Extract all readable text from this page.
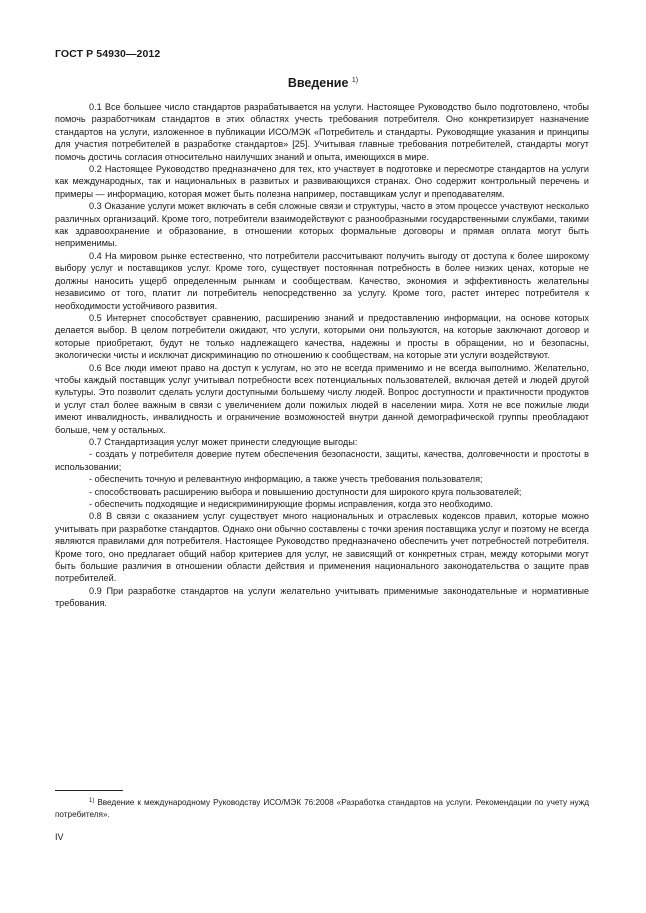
ГОСТ Р 54930—2012
Введение $^{1)}$

0.1 Все большее число стандартов разрабатывается на услуги. Настоящее Руководство было подготовлено, чтобы помочь разработчикам стандартов в этих областях учесть требования потребителя. Оно конкретизирует назначение стандартов на услуги, изложенное в публикации ИСО/МЭК «Потребитель и стандарты. Руководящие указания и принципы для участия потребителей в разработке стандартов» [25]. Учитывая главные требования потребителей, стандарты могут помочь достичь согласия относительно наилучших знаний и опыта, имеющихся в мире.

0.2 Настоящее Руководство предназначено для тех, кто участвует в подготовке и пересмотре стандартов на услуги как международных, так и национальных в развитых и развивающихся странах. Оно содержит контрольный перечень и примеры — информацию, которая может быть полезна например, поставщикам услуг и преподавателям.

0.3 Оказание услуги может включать в себя сложные связи и структуры, часто в этом процессе участвуют несколько различных организаций. Кроме того, потребители взаимодействуют с разнообразными государственными службами, такими как здравоохранение и образование, в отношении которых формальные договоры и прямая оплата могут быть неприменимы.

0.4 На мировом рынке естественно, что потребители рассчитывают получить выгоду от доступа к более широкому выбору услуг и поставщиков услуг. Кроме того, существует постоянная потребность в более низких ценах, которые не должны наносить ущерб определенным рынкам и сообществам. Качество, экономия и эффективность желательны независимо от того, платит ли потребитель непосредственно за услугу. Кроме того, растет интерес потребителя к необходимости устойчивого развития.

0.5 Интернет способствует сравнению, расширению знаний и предоставлению информации, на основе которых делается выбор. В целом потребители ожидают, что услуги, которыми они пользуются, на которые заключают договор и которые приобретают, будут не только надлежащего качества, надежны и просты в обращении, но и безопасны, экологически чисты и исключат дискриминацию по отношению к сообществам, на которые эти услуги воздействуют.

0.6 Все люди имеют право на доступ к услугам, но это не всегда применимо и не всегда выполнимо. Желательно, чтобы каждый поставщик услуг учитывал потребности всех потенциальных пользователей, включая детей и людей другой культуры. Это позволит сделать услуги доступными большему числу людей. Вопрос доступности и практичности продуктов и услуг стал более важным в связи с увеличением доли пожилых людей в населении мира. Хотя не все пожилые люди имеют инвалидность, инвалидность и ограничение возможностей внутри данной демографической группы преобладают больше, чем у остальных.

0.7 Стандартизация услуг может принести следующие выгоды:

- создать у потребителя доверие путем обеспечения безопасности, защиты, качества, долговечности и простоты в использовании;

- обеспечить точную и релевантную информацию, а также учесть требования пользователя;

- способствовать расширению выбора и повышению доступности для широкого круга пользователей;

- обеспечить подходящие и недискриминирующие формы исправления, когда это необходимо.

0.8 В связи с оказанием услуг существует много национальных и отраслевых кодексов правил, которые можно учитывать при разработке стандартов. Однако они обычно составлены с точки зрения поставщика услуг и поэтому не всегда являются правилами для потребителя. Настоящее Руководство предназначено обеспечить учет потребностей потребителя. Кроме того, оно предлагает общий набор критериев для услуг, не зависящий от конкретных стран, между которыми могут быть большие различия в отношении области действия и применения национального законодательства о защите прав потребителей.

0.9 При разработке стандартов на услуги желательно учитывать применимые законодательные и нормативные требования.

$^{1)}$ Введение к международному Руководству ИСО/МЭК 76:2008 «Разработка стандартов на услуги. Рекомендации по учету нужд потребителя».

IV
